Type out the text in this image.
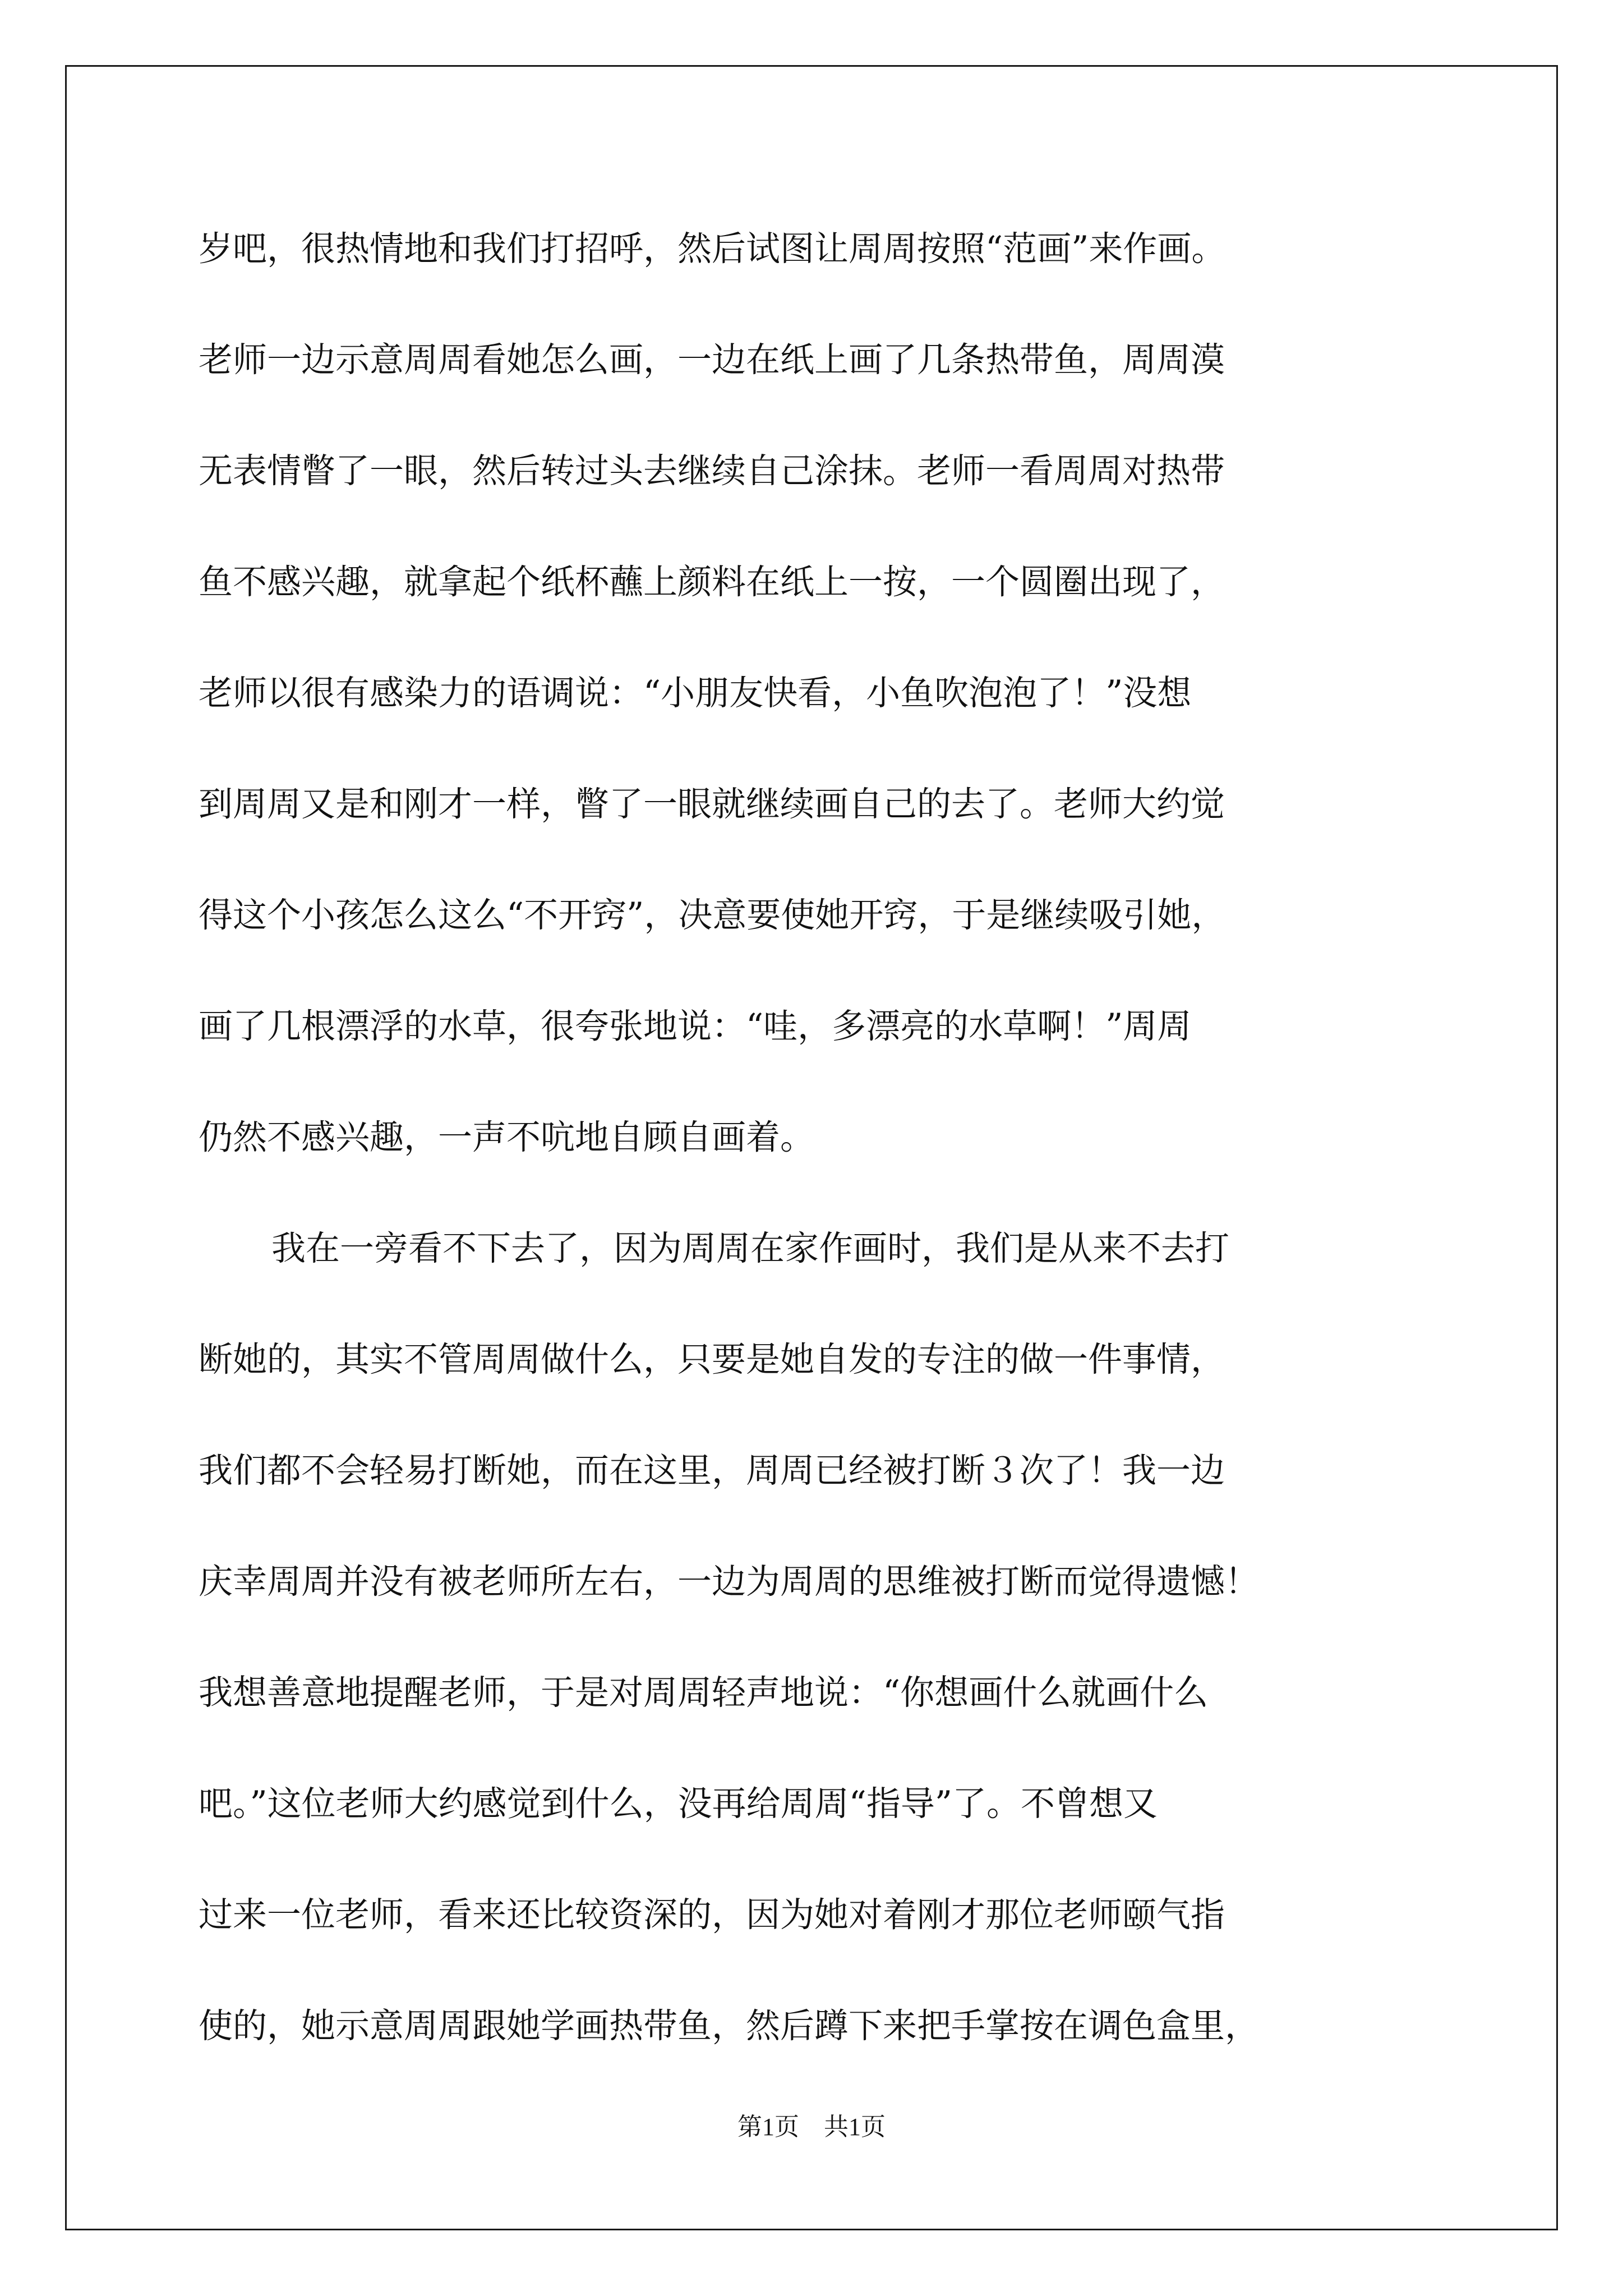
岁吧，很热情地和我们打招呼，然后试图让周周按照“范画”来作画。
老师一边示意周周看她怎么画，一边在纸上画了几条热带鱼，周周漠
无表情瞥了一眼，然后转过头去继续自己涂抹。老师一看周周对热带
鱼不感兴趣，就拿起个纸杯蘸上颜料在纸上一按，一个圆圈出现了，
老师以很有感染力的语调说：“小朋友快看，小鱼吹泡泡了！”没想
到周周又是和刚才一样，瞥了一眼就继续画自己的去了。老师大约觉
得这个小孩怎么这么“不开窍”，决意要使她开窍，于是继续吸引她，
画了几根漂浮的水草，很夸张地说：“哇，多漂亮的水草啊！”周周
仍然不感兴趣，一声不吭地自顾自画着。
我在一旁看不下去了，因为周周在家作画时，我们是从来不去打
断她的，其实不管周周做什么，只要是她自发的专注的做一件事情，
我们都不会轻易打断她，而在这里，周周已经被打断３次了！我一边
庆幸周周并没有被老师所左右，一边为周周的思维被打断而觉得遗憾！
我想善意地提醒老师，于是对周周轻声地说：“你想画什么就画什么
吧。”这位老师大约感觉到什么，没再给周周“指导”了。不曾想又
过来一位老师，看来还比较资深的，因为她对着刚才那位老师颐气指
使的，她示意周周跟她学画热带鱼，然后蹲下来把手掌按在调色盒里，
第1页　共1页
